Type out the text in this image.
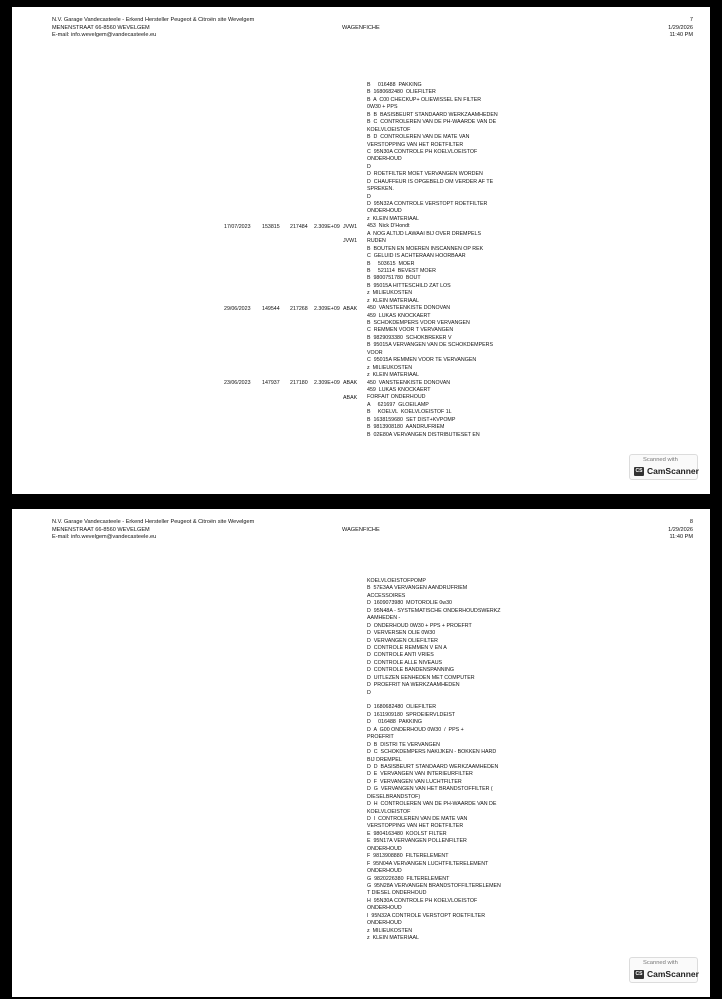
N.V. Garage Vandecasteele - Erkend Hersteller Peugeot & Citroën site Wevelgem
MENENSTRAAT 66-8560 WEVELGEM
E-mail: info.wevelgem@vandecasteele.eu
WAGENFICHE
7
1/29/2026
11:40 PM
B     016488  PAKKING
B  1680682480  OLIEFILTER
B  A  C00 CHECKUP+ OLIEWISSEL EN FILTER
0W30 + PPS
B  B  BASISBEURT STANDAARD WERKZAAMHEDEN
B  C  CONTROLEREN VAN DE PH-WAARDE VAN DE
KOELVLOEISTOF
B  D  CONTROLEREN VAN DE MATE VAN
VERSTOPPING VAN HET ROETFILTER
C  95N30A CONTROLE PH KOELVLOEISTOF
ONDERHOUD
D
D  ROETFILTER MOET VERVANGEN WORDEN
D  CHAUFFEUR IS OPGEBELD OM VERDER AF TE
SPREKEN.
D
D  95N32A CONTROLE VERSTOPT ROETFILTER
ONDERHOUD
z  KLEIN MATERIAAL
453  Nick D'Hondt
A  NOG ALTIJD LAWAAI BIJ OVER DREMPELS
RUDEN
B  BOUTEN EN MOEREN INSCANNEN OP REK
C  GELUID IS ACHTERAAN HOORBAAR
B     503615  MOER
B     521114  BEVEST MOER
B  9800751780  BOUT
B  95015A HITTESCHILD ZAT LOS
z  MILIEUKOSTEN
z  KLEIN MATERIAAL
450  VANSTEENKISTE DONOVAN
459  LUKAS KNOCKAERT
B  SCHOKDEMPERS VOOR VERVANGEN
C  REMMEN VOOR T VERVANGEN
B  9829093380  SCHOKBREKER V
B  95015A VERVANGEN VAN DE SCHOKDEMPERS
VOOR
C  95015A REMMEN VOOR TE VERVANGEN
z  MILIEUKOSTEN
z  KLEIN MATERIAAL
450  VANSTEENKISTE DONOVAN
459  LUKAS KNOCKAERT
FORFAIT ONDERHOUD
A     621697  GLOEILAMP
B     KOELVL  KOELVLOEISTOF 1L
B  1638159680  SET DIST+KVPOMP
B  9813908180  AANDRUFRIEM
B  02E80A VERVANGEN DISTRIBUTIESET EN
17/07/2023 153815 217484 2.309E+09 JVW1
JVW1
29/06/2023 149544 217268 2.309E+09 ABAK
23/06/2023 147937 217180 2.309E+09 ABAK
ABAK
Scanned with
CS CamScanner
N.V. Garage Vandecasteele - Erkend Hersteller Peugeot & Citroën site Wevelgem
MENENSTRAAT 66-8560 WEVELGEM
E-mail: info.wevelgem@vandecasteele.eu
WAGENFICHE
8
1/29/2026
11:40 PM
KOELVLOEISTOFPOMP
B  57E3AA VERVANGEN AANDRIJFRIEM
ACCESSOIRES
D  1609073980  MOTOROLIE 0w30
D  95N48A - SYSTEMATISCHE ONDERHOUDSWERKZ
AAMHEDEN -
D  ONDERHOUD 0W30 + PPS + PROEFRT
D  VERVERSEN OLIE 0W30
D  VERVANGEN OLIEFILTER
D  CONTROLE REMMEN V EN A
D  CONTROLE ANTI VRIES
D  CONTROLE ALLE NIVEAUS
D  CONTROLE BANDENSPANNING
D  UITLEZEN EENHEDEN MET COMPUTER
D  PROEFRIT NA WERKZAAMHEDEN
D
D  1680682480  OLIEFILTER
D  1611909180  SPROEIERVLDEIST
D     016488  PAKKING
D  A  G00 ONDERHOUD 0W30  /  PPS +
PROEFRIT
D  B  DISTRI TE VERVANGEN
D  C  SCHOKDEMPERS NAKIJKEN - BOKKEN HARD
BIJ DREMPEL
D  D  BASISBEURT STANDAARD WERKZAAMHEDEN
D  E  VERVANGEN VAN INTERIEURFILTER
D  F  VERVANGEN VAN LUCHTFILTER
D  G  VERVANGEN VAN HET BRANDSTOFFILTER (
DIESELBRANDSTOF)
D  H  CONTROLEREN VAN DE PH-WAARDE VAN DE
KOELVLOEISTOF
D  I  CONTROLEREN VAN DE MATE VAN
VERSTOPPING VAN HET ROETFILTER
E  9804163480  KOOLST FILTER
E  95N17A VERVANGEN POLLENFILTER
ONDERHOUD
F  9813908880  FILTERELEMENT
F  95N04A VERVANGEN LUCHTFILTERELEMENT
ONDERHOUD
G  9820226380  FILTERELEMENT
G  95N28A VERVANGEN BRANDSTOFFILTERELEMEN
T DIESEL ONDERHOUD
H  95N30A CONTROLE PH KOELVLOEISTOF
ONDERHOUD
I  95N32A CONTROLE VERSTOPT ROETFILTER
ONDERHOUD
z  MILIEUKOSTEN
z  KLEIN MATERIAAL
Scanned with
CS CamScanner
